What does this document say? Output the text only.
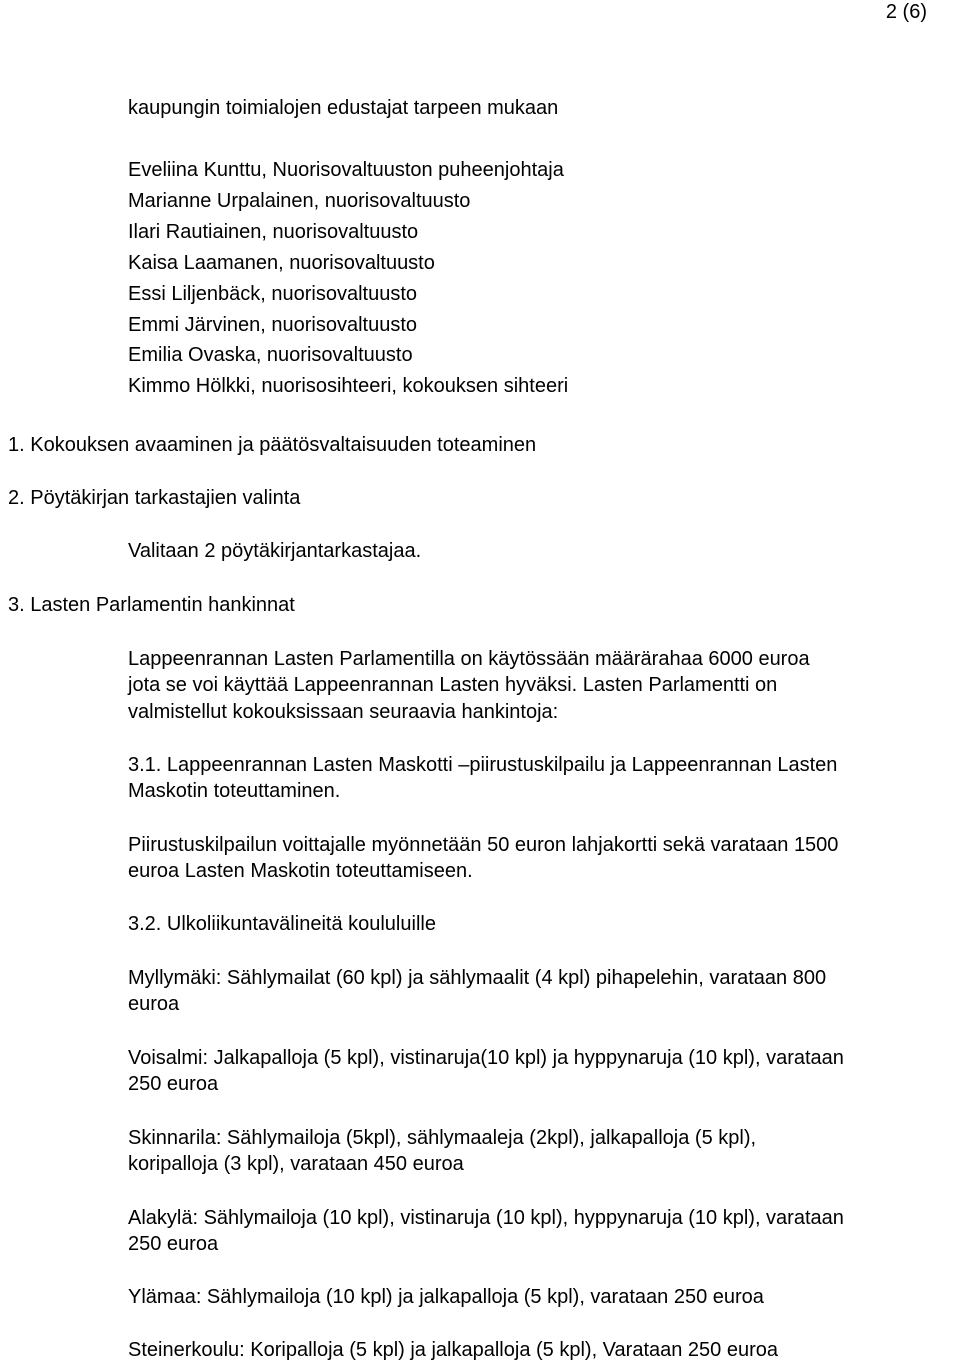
2 (6)
kaupungin toimialojen edustajat tarpeen mukaan
Eveliina Kunttu, Nuorisovaltuuston puheenjohtaja
Marianne Urpalainen, nuorisovaltuusto
Ilari Rautiainen, nuorisovaltuusto
Kaisa Laamanen, nuorisovaltuusto
Essi Liljenbäck, nuorisovaltuusto
Emmi Järvinen, nuorisovaltuusto
Emilia Ovaska, nuorisovaltuusto
Kimmo Hölkki, nuorisosihteeri, kokouksen sihteeri
1. Kokouksen avaaminen ja päätösvaltaisuuden toteaminen
2. Pöytäkirjan tarkastajien valinta
Valitaan 2 pöytäkirjantarkastajaa.
3. Lasten Parlamentin hankinnat
Lappeenrannan Lasten Parlamentilla on käytössään määrärahaa 6000 euroa
jota se voi käyttää Lappeenrannan Lasten hyväksi. Lasten Parlamentti on
valmistellut kokouksissaan seuraavia hankintoja:
3.1. Lappeenrannan Lasten Maskotti –piirustuskilpailu ja Lappeenrannan Lasten
Maskotin toteuttaminen.
Piirustuskilpailun voittajalle myönnetään 50 euron lahjakortti sekä varataan 1500
euroa Lasten Maskotin toteuttamiseen.
3.2. Ulkoliikuntavälineitä koululuille
Myllymäki: Sählymailat (60 kpl) ja sählymaalit (4 kpl) pihapelehin, varataan 800
euroa
Voisalmi: Jalkapalloja (5 kpl), vistinaruja(10 kpl) ja hyppynaruja (10 kpl), varataan
250 euroa
Skinnarila: Sählymailoja (5kpl), sählymaaleja (2kpl), jalkapalloja (5 kpl),
koripalloja (3 kpl), varataan 450 euroa
Alakylä: Sählymailoja (10 kpl), vistinaruja (10 kpl), hyppynaruja (10 kpl), varataan
250 euroa
Ylämaa: Sählymailoja (10 kpl) ja jalkapalloja (5 kpl), varataan 250 euroa
Steinerkoulu: Koripalloja (5 kpl) ja jalkapalloja (5 kpl), Varataan 250 euroa
